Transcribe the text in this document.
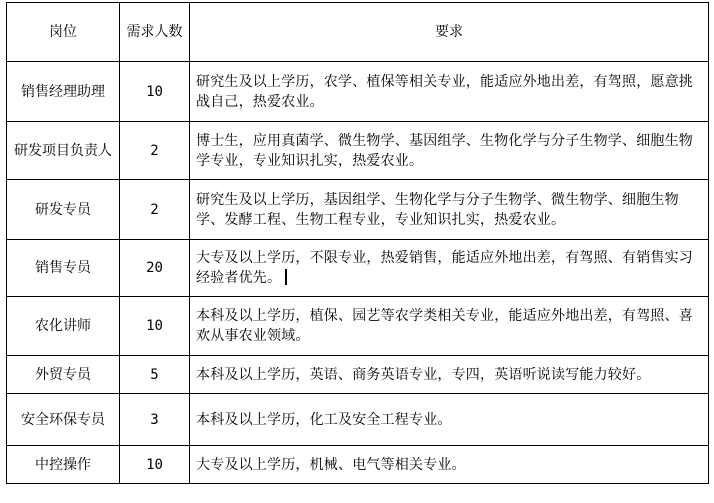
岗位	需求人数	要求

销售经理助理	10	研究生及以上学历，农学、植保等相关专业，能适应外地出差，有驾照，愿意挑战自己，热爱农业。
研发项目负责人	2	博士生，应用真菌学、微生物学、基因组学、生物化学与分子生物学、细胞生物学专业，专业知识扎实，热爱农业。
研发专员	2	研究生及以上学历，基因组学、生物化学与分子生物学、微生物学、细胞生物学、发酵工程、生物工程专业，专业知识扎实，热爱农业。
销售专员	20	大专及以上学历，不限专业，热爱销售，能适应外地出差，有驾照、有销售实习经验者优先。
农化讲师	10	本科及以上学历，植保、园艺等农学类相关专业，能适应外地出差，有驾照、喜欢从事农业领域。
外贸专员	5	本科及以上学历，英语、商务英语专业，专四，英语听说读写能力较好。
安全环保专员	3	本科及以上学历，化工及安全工程专业。
中控操作	10	大专及以上学历，机械、电气等相关专业。
